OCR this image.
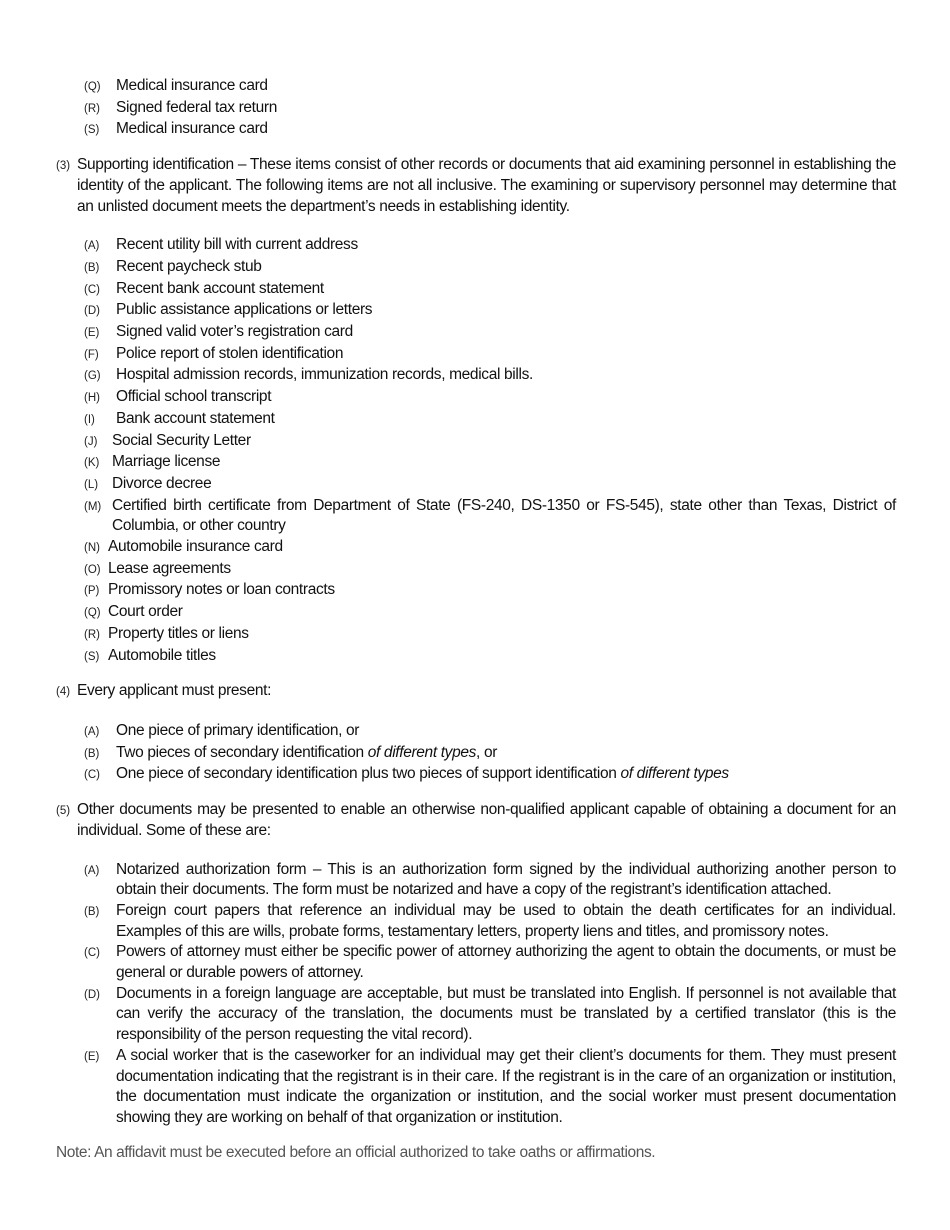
(Q) Medical insurance card
(R)	Signed federal tax return
(S)	Medical insurance card
(3) Supporting identification – These items consist of other records or documents that aid examining personnel in establishing the identity of the applicant. The following items are not all inclusive. The examining or supervisory personnel may determine that an unlisted document meets the department’s needs in establishing identity.
(A)	Recent utility bill with current address
(B)	Recent paycheck stub
(C)	Recent bank account statement
(D)	Public assistance applications or letters
(E)	Signed valid voter’s registration card
(F)	Police report of stolen identification
(G) Hospital admission records, immunization records, medical bills.
(H)	Official school transcript
(I)	Bank account statement
(J) Social Security Letter
(K) Marriage license
(L) Divorce decree
(M) Certified birth certificate from Department of State (FS-240, DS-1350 or FS-545), state other than Texas, District of Columbia, or other country
(N) Automobile insurance card
(O) Lease agreements
(P) Promissory notes or loan contracts
(Q) Court order
(R) Property titles or liens
(S) Automobile titles
(4) Every applicant must present:
(A)	One piece of primary identification, or
(B)	Two pieces of secondary identification of different types, or
(C)	One piece of secondary identification plus two pieces of support identification of different types
(5) Other documents may be presented to enable an otherwise non-qualified applicant capable of obtaining a document for an individual. Some of these are:
(A)	Notarized authorization form – This is an authorization form signed by the individual authorizing another person to obtain their documents. The form must be notarized and have a copy of the registrant’s identification attached.
(B)	Foreign court papers that reference an individual may be used to obtain the death certificates for an individual. Examples of this are wills, probate forms, testamentary letters, property liens and titles, and promissory notes.
(C)	Powers of attorney must either be specific power of attorney authorizing the agent to obtain the documents, or must be general or durable powers of attorney.
(D)	Documents in a foreign language are acceptable, but must be translated into English. If personnel is not available that can verify the accuracy of the translation, the documents must be translated by a certified translator (this is the responsibility of the person requesting the vital record).
(E)	A social worker that is the caseworker for an individual may get their client’s documents for them. They must present documentation indicating that the registrant is in their care. If the registrant is in the care of an organization or institution, the documentation must indicate the organization or institution, and the social worker must present documentation showing they are working on behalf of that organization or institution.
Note: An affidavit must be executed before an official authorized to take oaths or affirmations.
